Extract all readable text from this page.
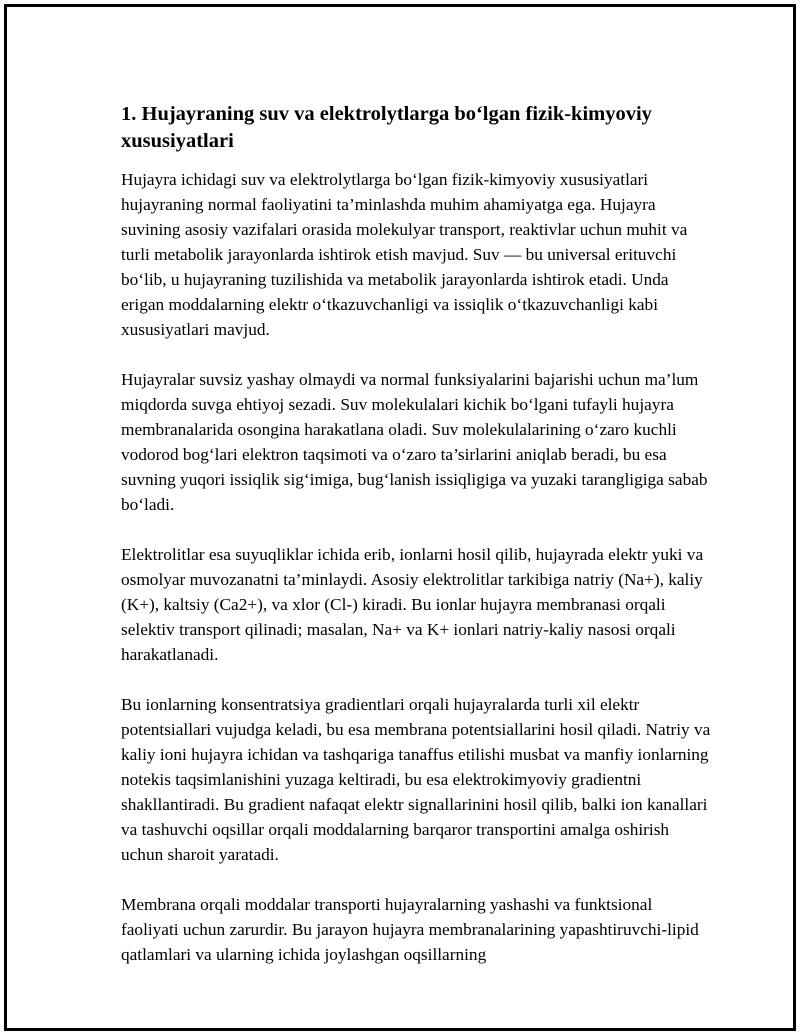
1. Hujayraning suv va elektrolytlarga bo‘lgan fizik-kimyoviy xususiyatlari

Hujayra ichidagi suv va elektrolytlarga bo‘lgan fizik-kimyoviy xususiyatlari hujayraning normal faoliyatini ta’minlashda muhim ahamiyatga ega. Hujayra suvining asosiy vazifalari orasida molekulyar transport, reaktivlar uchun muhit va turli metabolik jarayonlarda ishtirok etish mavjud. Suv — bu universal erituvchi bo‘lib, u hujayraning tuzilishida va metabolik jarayonlarda ishtirok etadi. Unda erigan moddalarning elektr o‘tkazuvchanligi va issiqlik o‘tkazuvchanligi kabi xususiyatlari mavjud.

Hujayralar suvsiz yashay olmaydi va normal funksiyalarini bajarishi uchun ma’lum miqdorda suvga ehtiyoj sezadi. Suv molekulalari kichik bo‘lgani tufayli hujayra membranalarida osongina harakatlana oladi. Suv molekulalarining o‘zaro kuchli vodorod bog‘lari elektron taqsimoti va o‘zaro ta’sirlarini aniqlab beradi, bu esa suvning yuqori issiqlik sig‘imiga, bug‘lanish issiqligiga va yuzaki tarangligiga sabab bo‘ladi.

Elektrolitlar esa suyuqliklar ichida erib, ionlarni hosil qilib, hujayrada elektr yuki va osmolyar muvozanatni ta’minlaydi. Asosiy elektrolitlar tarkibiga natriy (Na+), kaliy (K+), kaltsiy (Ca2+), va xlor (Cl-) kiradi. Bu ionlar hujayra membranasi orqali selektiv transport qilinadi; masalan, Na+ va K+ ionlari natriy-kaliy nasosi orqali harakatlanadi.

Bu ionlarning konsentratsiya gradientlari orqali hujayralarda turli xil elektr potentsiallari vujudga keladi, bu esa membrana potentsiallarini hosil qiladi. Natriy va kaliy ioni hujayra ichidan va tashqariga tanaffus etilishi musbat va manfiy ionlarning notekis taqsimlanishini yuzaga keltiradi, bu esa elektrokimyoviy gradientni shakllantiradi. Bu gradient nafaqat elektr signallarinini hosil qilib, balki ion kanallari va tashuvchi oqsillar orqali moddalarning barqaror transportini amalga oshirish uchun sharoit yaratadi.

Membrana orqali moddalar transporti hujayralarning yashashi va funktsional faoliyati uchun zarurdir. Bu jarayon hujayra membranalarining yapashtiruvchi-lipid qatlamlari va ularning ichida joylashgan oqsillarning
